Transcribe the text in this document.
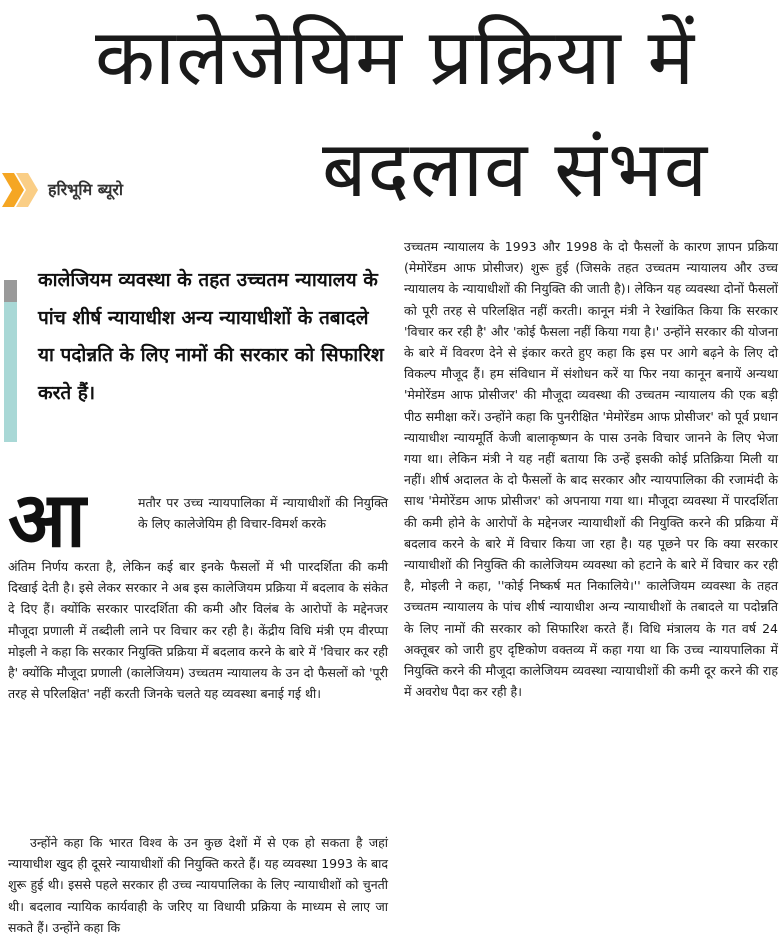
कालेजेयिम प्रक्रिया में
बदलाव संभव
हरिभूमि ब्यूरो
कालेजियम व्यवस्था के तहत उच्चतम न्यायालय के पांच शीर्ष न्यायाधीश अन्य न्यायाधीशों के तबादले या पदोन्नति के लिए नामों की सरकार को सिफारिश करते हैं।
आ	मतौर पर उच्च न्यायपालिका में न्यायाधीशों की नियुक्ति के लिए कालेजेयिम ही विचार-विमर्श करके
अंतिम निर्णय करता है, लेकिन कई बार इनके फैसलों में भी पारदर्शिता की कमी दिखाई देती है। इसे लेकर सरकार ने अब इस कालेजियम प्रक्रिया में बदलाव के संकेत दे दिए हैं। क्योंकि सरकार पारदर्शिता की कमी और विलंब के आरोपों के मद्देनजर मौजूदा प्रणाली में तब्दीली लाने पर विचार कर रही है। केंद्रीय विधि मंत्री एम वीरप्पा मोइली ने कहा कि सरकार नियुक्ति प्रक्रिया में बदलाव करने के बारे में 'विचार कर रही है' क्योंकि मौजूदा प्रणाली (कालेजियम) उच्चतम न्यायालय के उन दो फैसलों को 'पूरी तरह से परिलक्षित' नहीं करती जिनके चलते यह व्यवस्था बनाई गई थी।
उन्होंने कहा कि भारत विश्व के उन कुछ देशों में से एक हो सकता है जहां न्यायाधीश खुद ही दूसरे न्यायाधीशों की नियुक्ति करते हैं। यह व्यवस्था 1993 के बाद शुरू हुई थी। इससे पहले सरकार ही उच्च न्यायपालिका के लिए न्यायाधीशों को चुनती थी। बदलाव न्यायिक कार्यवाही के जरिए या विधायी प्रक्रिया के माध्यम से लाए जा सकते हैं। उन्होंने कहा कि
उच्चतम न्यायालय के 1993 और 1998 के दो फैसलों के कारण ज्ञापन प्रक्रिया (मेमोरेंडम आफ प्रोसीजर) शुरू हुई (जिसके तहत उच्चतम न्यायालय और उच्च न्यायालय के न्यायाधीशों की नियुक्ति की जाती है)। लेकिन यह व्यवस्था दोनों फैसलों को पूरी तरह से परिलक्षित नहीं करती। कानून मंत्री ने रेखांकित किया कि सरकार 'विचार कर रही है' और 'कोई फैसला नहीं किया गया है।' उन्होंने सरकार की योजना के बारे में विवरण देने से इंकार करते हुए कहा कि इस पर आगे बढ़ने के लिए दो विकल्प मौजूद हैं। हम संविधान में संशोधन करें या फिर नया कानून बनायें अन्यथा 'मेमोरेंडम आफ प्रोसीजर' की मौजूदा व्यवस्था की उच्चतम न्यायालय की एक बड़ी पीठ समीक्षा करें। उन्होंने कहा कि पुनरीक्षित 'मेमोरेंडम आफ प्रोसीजर' को पूर्व प्रधान न्यायाधीश न्यायमूर्ति केजी बालाकृष्णन के पास उनके विचार जानने के लिए भेजा गया था। लेकिन मंत्री ने यह नहीं बताया कि उन्हें इसकी कोई प्रतिक्रिया मिली या नहीं। शीर्ष अदालत के दो फैसलों के बाद सरकार और न्यायपालिका की रजामंदी के साथ 'मेमोरेंडम आफ प्रोसीजर' को अपनाया गया था। मौजूदा व्यवस्था में पारदर्शिता की कमी होने के आरोपों के मद्देनजर न्यायाधीशों की नियुक्ति करने की प्रक्रिया में बदलाव करने के बारे में विचार किया जा रहा है। यह पूछने पर कि क्या सरकार न्यायाधीशों की नियुक्ति की कालेजियम व्यवस्था को हटाने के बारे में विचार कर रही है, मोइली ने कहा, ''कोई निष्कर्ष मत निकालिये।'' कालेजियम व्यवस्था के तहत उच्चतम न्यायालय के पांच शीर्ष न्यायाधीश अन्य न्यायाधीशों के तबादले या पदोन्नति के लिए नामों की सरकार को सिफारिश करते हैं। विधि मंत्रालय के गत वर्ष 24 अक्तूबर को जारी हुए दृष्टिकोण वक्तव्य में कहा गया था कि उच्च न्यायपालिका में नियुक्ति करने की मौजूदा कालेजियम व्यवस्था न्यायाधीशों की कमी दूर करने की राह में अवरोध पैदा कर रही है।
